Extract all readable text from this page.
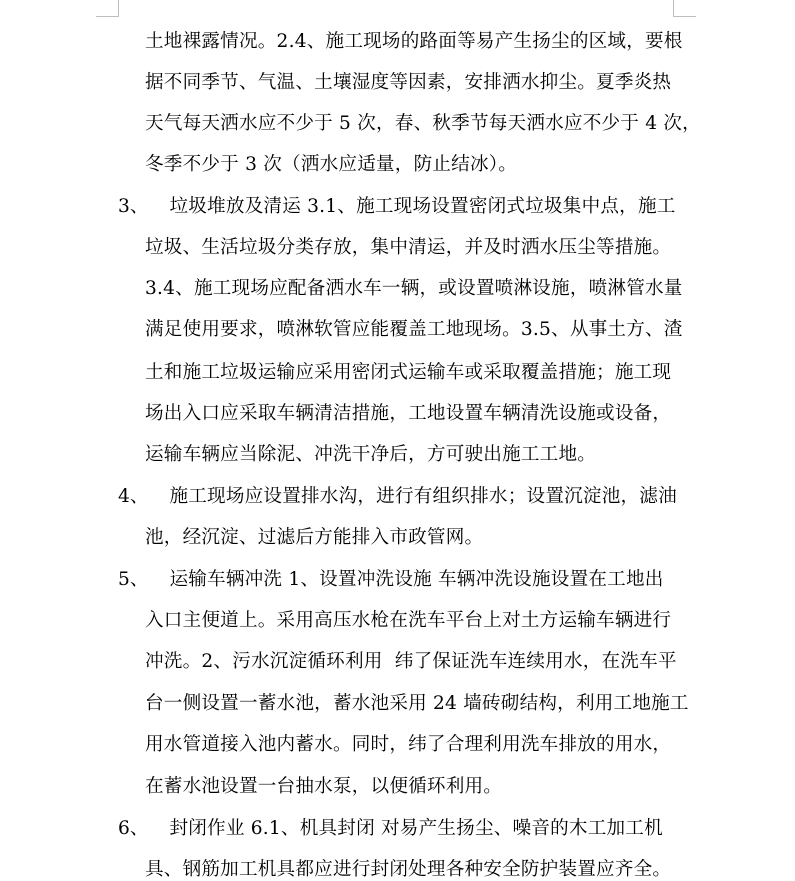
土地裸露情况。2.4、施工现场的路面等易产生扬尘的区域，要根
据不同季节、气温、土壤湿度等因素，安排洒水抑尘。夏季炎热
天气每天洒水应不少于 5 次，春、秋季节每天洒水应不少于 4 次，
冬季不少于 3 次（洒水应适量，防止结冰）。
3、
垃圾堆放及清运 3.1、施工现场设置密闭式垃圾集中点，施工
垃圾、生活垃圾分类存放，集中清运，并及时洒水压尘等措施。
3.4、施工现场应配备洒水车一辆，或设置喷淋设施，喷淋管水量
满足使用要求，喷淋软管应能覆盖工地现场。3.5、从事土方、渣
土和施工垃圾运输应采用密闭式运输车或采取覆盖措施；施工现
场出入口应采取车辆清洁措施，工地设置车辆清洗设施或设备，
运输车辆应当除泥、冲洗干净后，方可驶出施工工地。
4、
施工现场应设置排水沟，进行有组织排水；设置沉淀池，滤油
池，经沉淀、过滤后方能排入市政管网。
5、
运输车辆冲洗 1、设置冲洗设施 车辆冲洗设施设置在工地出
入口主便道上。采用高压水枪在洗车平台上对土方运输车辆进行
冲洗。2、污水沉淀循环利用  纬了保证洗车连续用水，在洗车平
台一侧设置一蓄水池，蓄水池采用 24 墙砖砌结构，利用工地施工
用水管道接入池内蓄水。同时，纬了合理利用洗车排放的用水，
在蓄水池设置一台抽水泵，以便循环利用。
6、
封闭作业 6.1、机具封闭 对易产生扬尘、噪音的木工加工机
具、钢筋加工机具都应进行封闭处理各种安全防护装置应齐全。
